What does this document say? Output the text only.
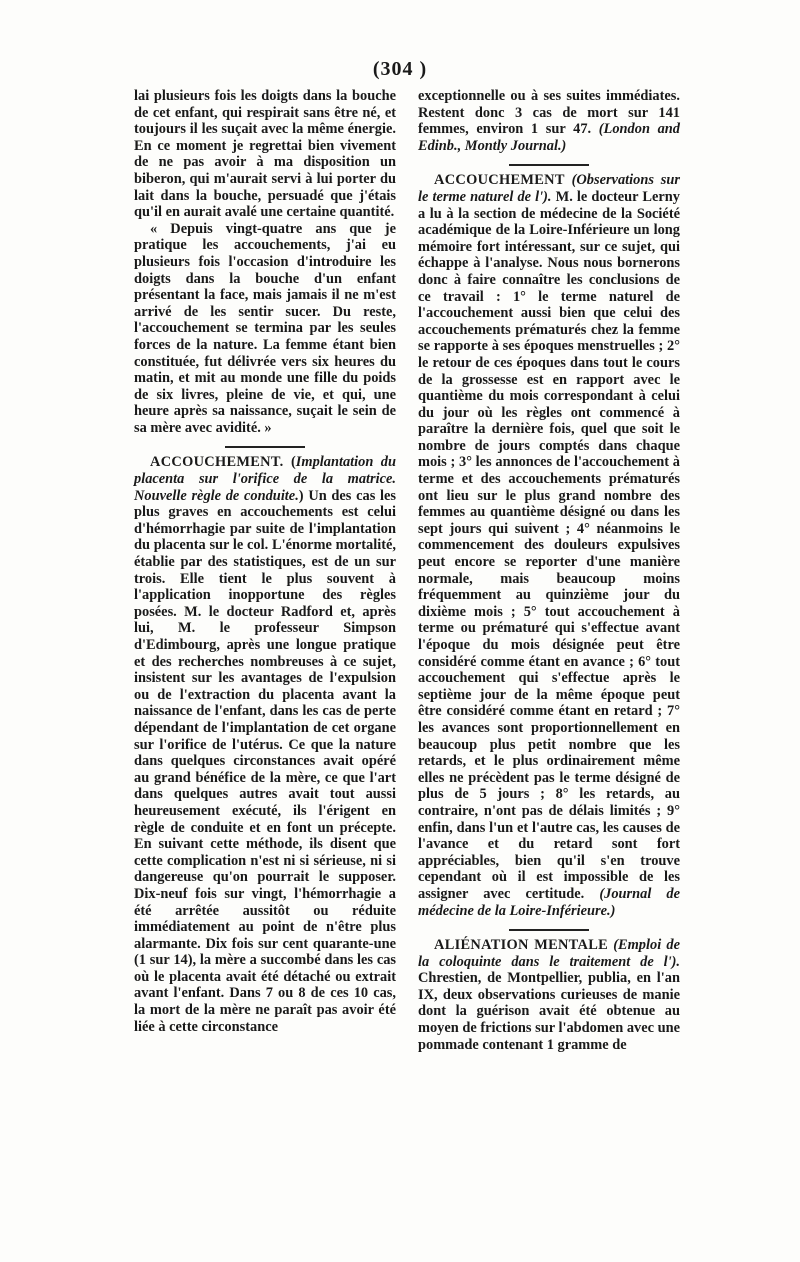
(304 )

lai plusieurs fois les doigts dans la bouche de cet enfant, qui respirait sans être né, et toujours il les suçait avec la même énergie. En ce moment je regrettai bien vivement de ne pas avoir à ma disposition un biberon, qui m'aurait servi à lui porter du lait dans la bouche, persuadé que j'étais qu'il en aurait avalé une certaine quantité.

« Depuis vingt-quatre ans que je pratique les accouchements, j'ai eu plusieurs fois l'occasion d'introduire les doigts dans la bouche d'un enfant présentant la face, mais jamais il ne m'est arrivé de les sentir sucer. Du reste, l'accouchement se termina par les seules forces de la nature. La femme étant bien constituée, fut délivrée vers six heures du matin, et mit au monde une fille du poids de six livres, pleine de vie, et qui, une heure après sa naissance, suçait le sein de sa mère avec avidité. »

ACCOUCHEMENT. (Implantation du placenta sur l'orifice de la matrice. Nouvelle règle de conduite.) Un des cas les plus graves en accouchements est celui d'hémorrhagie par suite de l'implantation du placenta sur le col. L'énorme mortalité, établie par des statistiques, est de un sur trois. Elle tient le plus souvent à l'application inopportune des règles posées. M. le docteur Radford et, après lui, M. le professeur Simpson d'Edimbourg, après une longue pratique et des recherches nombreuses à ce sujet, insistent sur les avantages de l'expulsion ou de l'extraction du placenta avant la naissance de l'enfant, dans les cas de perte dépendant de l'implantation de cet organe sur l'orifice de l'utérus. Ce que la nature dans quelques circonstances avait opéré au grand bénéfice de la mère, ce que l'art dans quelques autres avait tout aussi heureusement exécuté, ils l'érigent en règle de conduite et en font un précepte. En suivant cette méthode, ils disent que cette complication n'est ni si sérieuse, ni si dangereuse qu'on pourrait le supposer. Dix-neuf fois sur vingt, l'hémorrhagie a été arrêtée aussitôt ou réduite immédiatement au point de n'être plus alarmante. Dix fois sur cent quarante-une (1 sur 14), la mère a succombé dans les cas où le placenta avait été détaché ou extrait avant l'enfant. Dans 7 ou 8 de ces 10 cas, la mort de la mère ne paraît pas avoir été liée à cette circonstance

exceptionnelle ou à ses suites immédiates. Restent donc 3 cas de mort sur 141 femmes, environ 1 sur 47. (London and Edinb., Montly Journal.)

ACCOUCHEMENT (Observations sur le terme naturel de l'). M. le docteur Lerny a lu à la section de médecine de la Société académique de la Loire-Inférieure un long mémoire fort intéressant, sur ce sujet, qui échappe à l'analyse. Nous nous bornerons donc à faire connaître les conclusions de ce travail : 1° le terme naturel de l'accouchement aussi bien que celui des accouchements prématurés chez la femme se rapporte à ses époques menstruelles ; 2° le retour de ces époques dans tout le cours de la grossesse est en rapport avec le quantième du mois correspondant à celui du jour où les règles ont commencé à paraître la dernière fois, quel que soit le nombre de jours comptés dans chaque mois ; 3° les annonces de l'accouchement à terme et des accouchements prématurés ont lieu sur le plus grand nombre des femmes au quantième désigné ou dans les sept jours qui suivent ; 4° néanmoins le commencement des douleurs expulsives peut encore se reporter d'une manière normale, mais beaucoup moins fréquemment au quinzième jour du dixième mois ; 5° tout accouchement à terme ou prématuré qui s'effectue avant l'époque du mois désignée peut être considéré comme étant en avance ; 6° tout accouchement qui s'effectue après le septième jour de la même époque peut être considéré comme étant en retard ; 7° les avances sont proportionnellement en beaucoup plus petit nombre que les retards, et le plus ordinairement même elles ne précèdent pas le terme désigné de plus de 5 jours ; 8° les retards, au contraire, n'ont pas de délais limités ; 9° enfin, dans l'un et l'autre cas, les causes de l'avance et du retard sont fort appréciables, bien qu'il s'en trouve cependant où il est impossible de les assigner avec certitude. (Journal de médecine de la Loire-Inférieure.)

ALIÉNATION MENTALE (Emploi de la coloquinte dans le traitement de l'). Chrestien, de Montpellier, publia, en l'an IX, deux observations curieuses de manie dont la guérison avait été obtenue au moyen de frictions sur l'abdomen avec une pommade contenant 1 gramme de
